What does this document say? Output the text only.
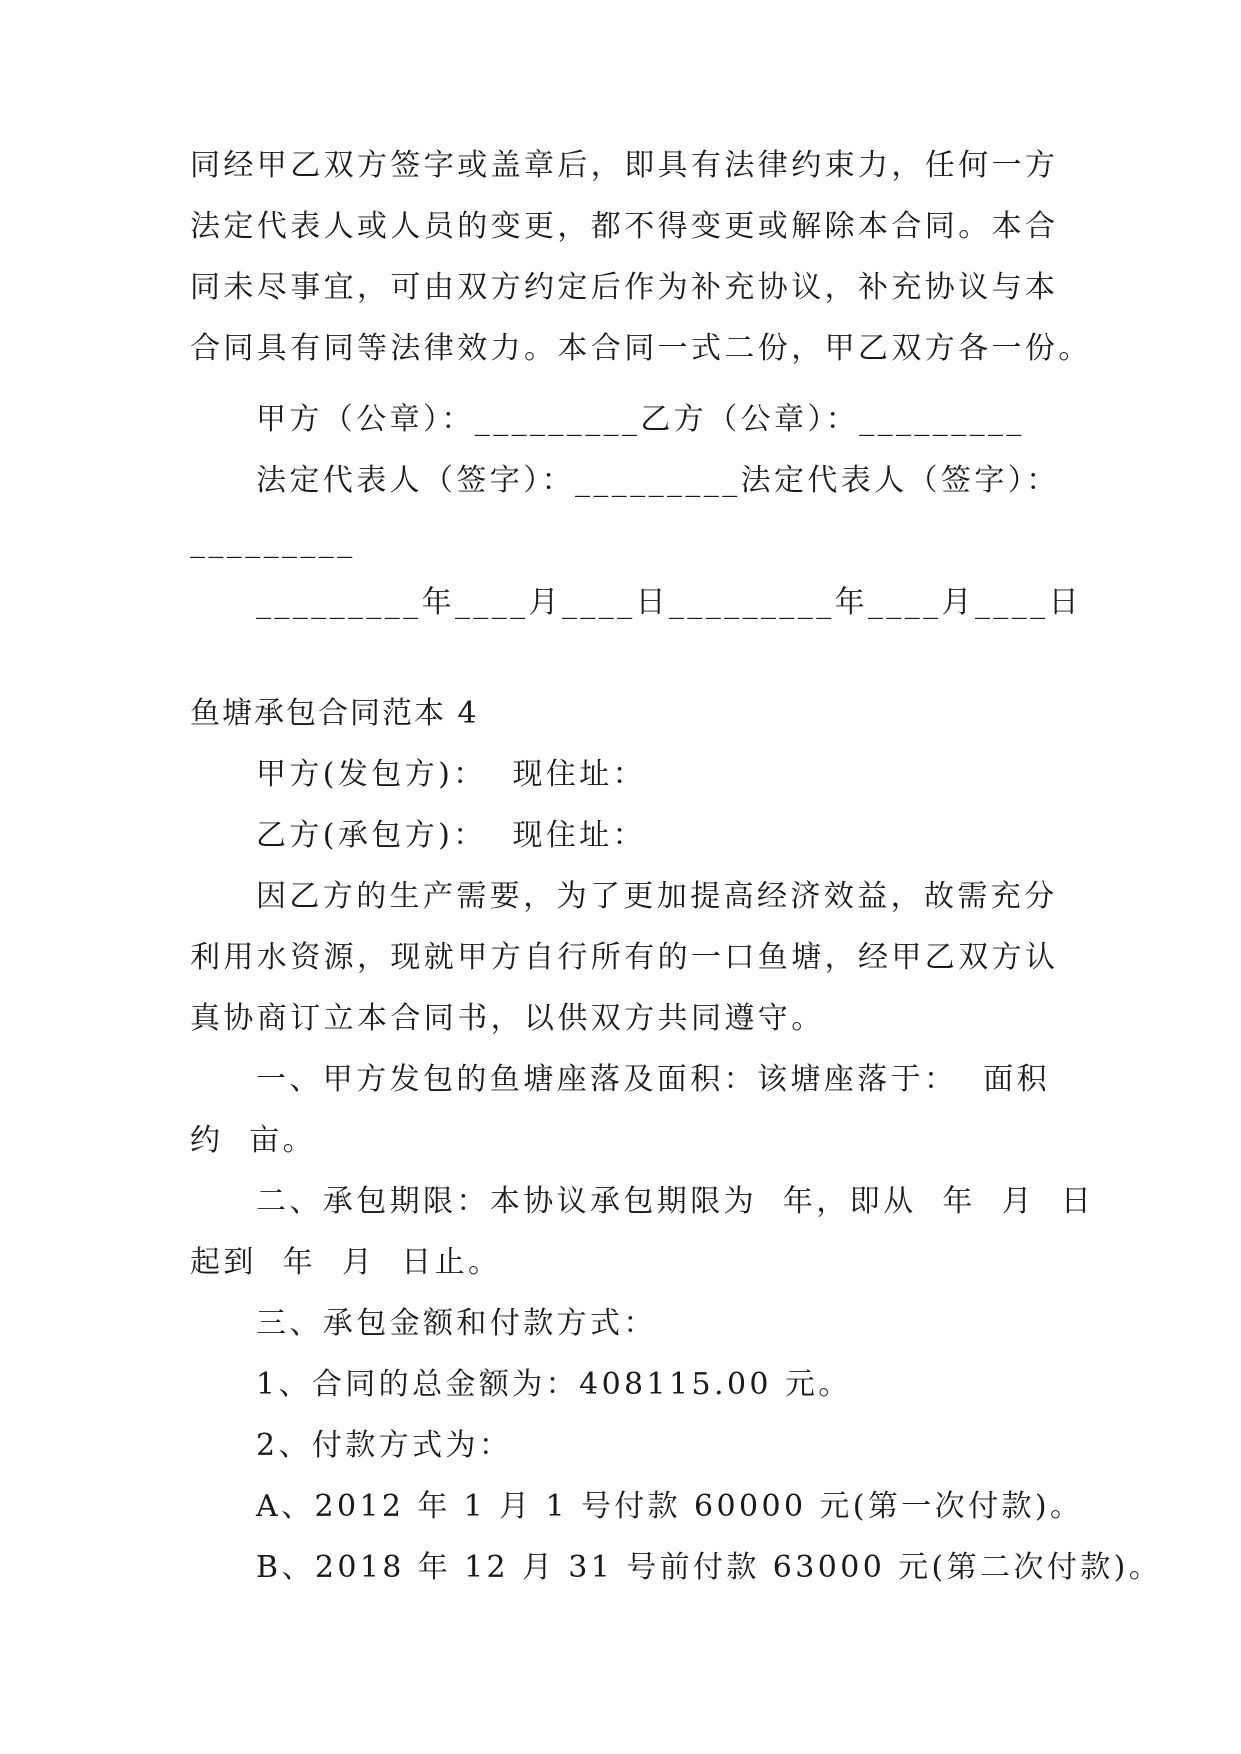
同经甲乙双方签字或盖章后，即具有法律约束力，任何一方
法定代表人或人员的变更，都不得变更或解除本合同。本合
同未尽事宜，可由双方约定后作为补充协议，补充协议与本
合同具有同等法律效力。本合同一式二份，甲乙双方各一份。
甲方（公章）：_________乙方（公章）：_________
法定代表人（签字）：_________法定代表人（签字）：
_________
_________年____月____日_________年____月____日
鱼塘承包合同范本 4
甲方(发包方)：  现住址：
乙方(承包方)：  现住址：
因乙方的生产需要，为了更加提高经济效益，故需充分
利用水资源，现就甲方自行所有的一口鱼塘，经甲乙双方认
真协商订立本合同书，以供双方共同遵守。
一、甲方发包的鱼塘座落及面积：该塘座落于：  面积
约  亩。
二、承包期限：本协议承包期限为  年，即从  年  月  日
起到  年  月  日止。
三、承包金额和付款方式：
1、合同的总金额为：408115.00 元。
2、付款方式为：
A、2012 年 1 月 1 号付款 60000 元(第一次付款)。
B、2018 年 12 月 31 号前付款 63000 元(第二次付款)。
